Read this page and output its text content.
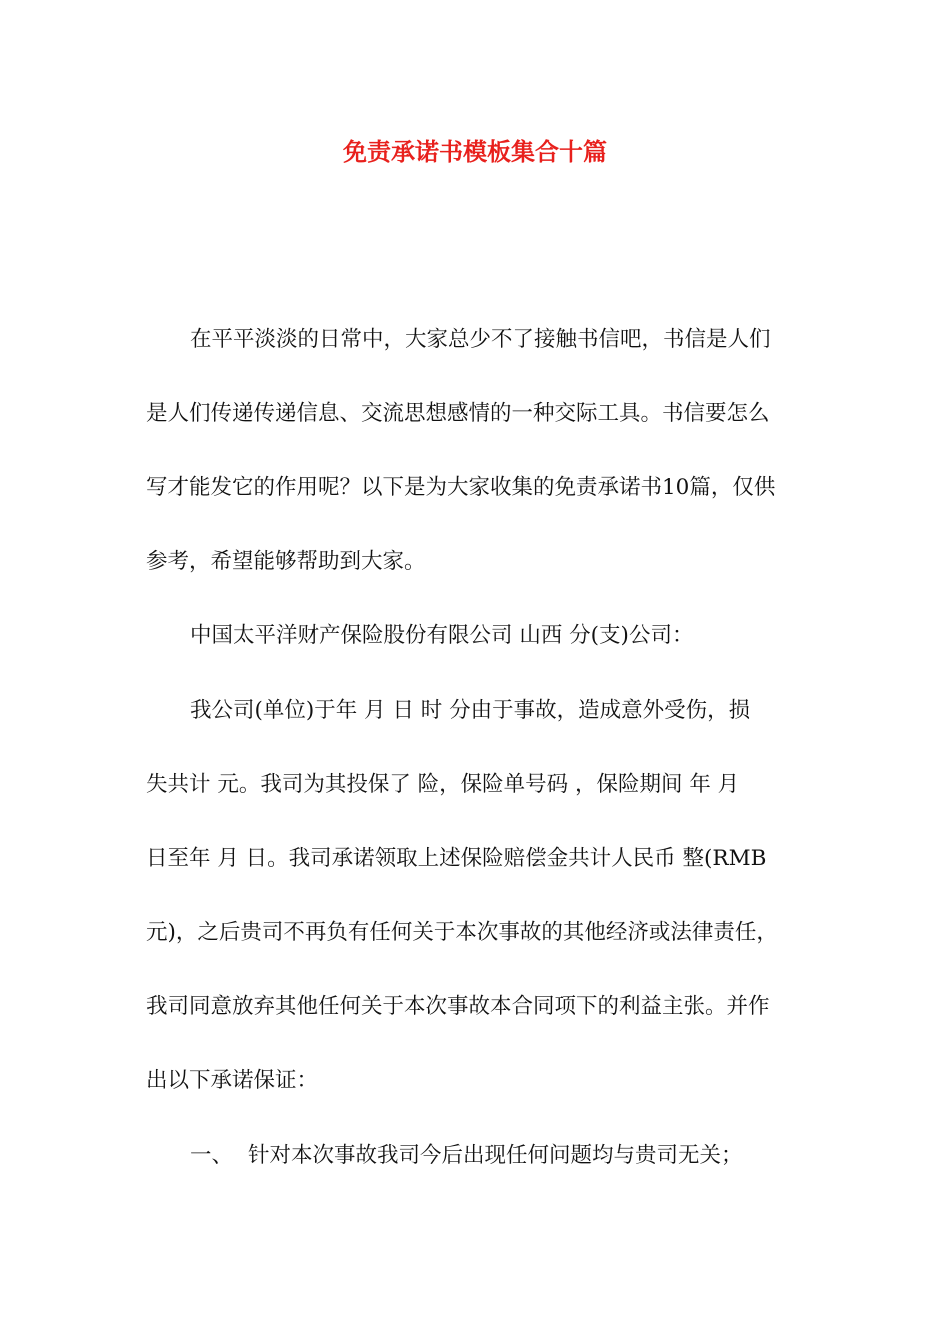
免责承诺书模板集合十篇

在平平淡淡的日常中，大家总少不了接触书信吧，书信是人们

是人们传递传递信息、交流思想感情的一种交际工具。书信要怎么

写才能发它的作用呢？以下是为大家收集的免责承诺书10篇，仅供

参考，希望能够帮助到大家。

中国太平洋财产保险股份有限公司 山西 分(支)公司：

我公司(单位)于年 月 日 时 分由于事故，造成意外受伤，损

失共计 元。我司为其投保了 险，保险单号码 ，保险期间 年 月

日至年 月 日。我司承诺领取上述保险赔偿金共计人民币 整(RMB

元)，之后贵司不再负有任何关于本次事故的其他经济或法律责任，

我司同意放弃其他任何关于本次事故本合同项下的利益主张。并作

出以下承诺保证：

一、 针对本次事故我司今后出现任何问题均与贵司无关；
